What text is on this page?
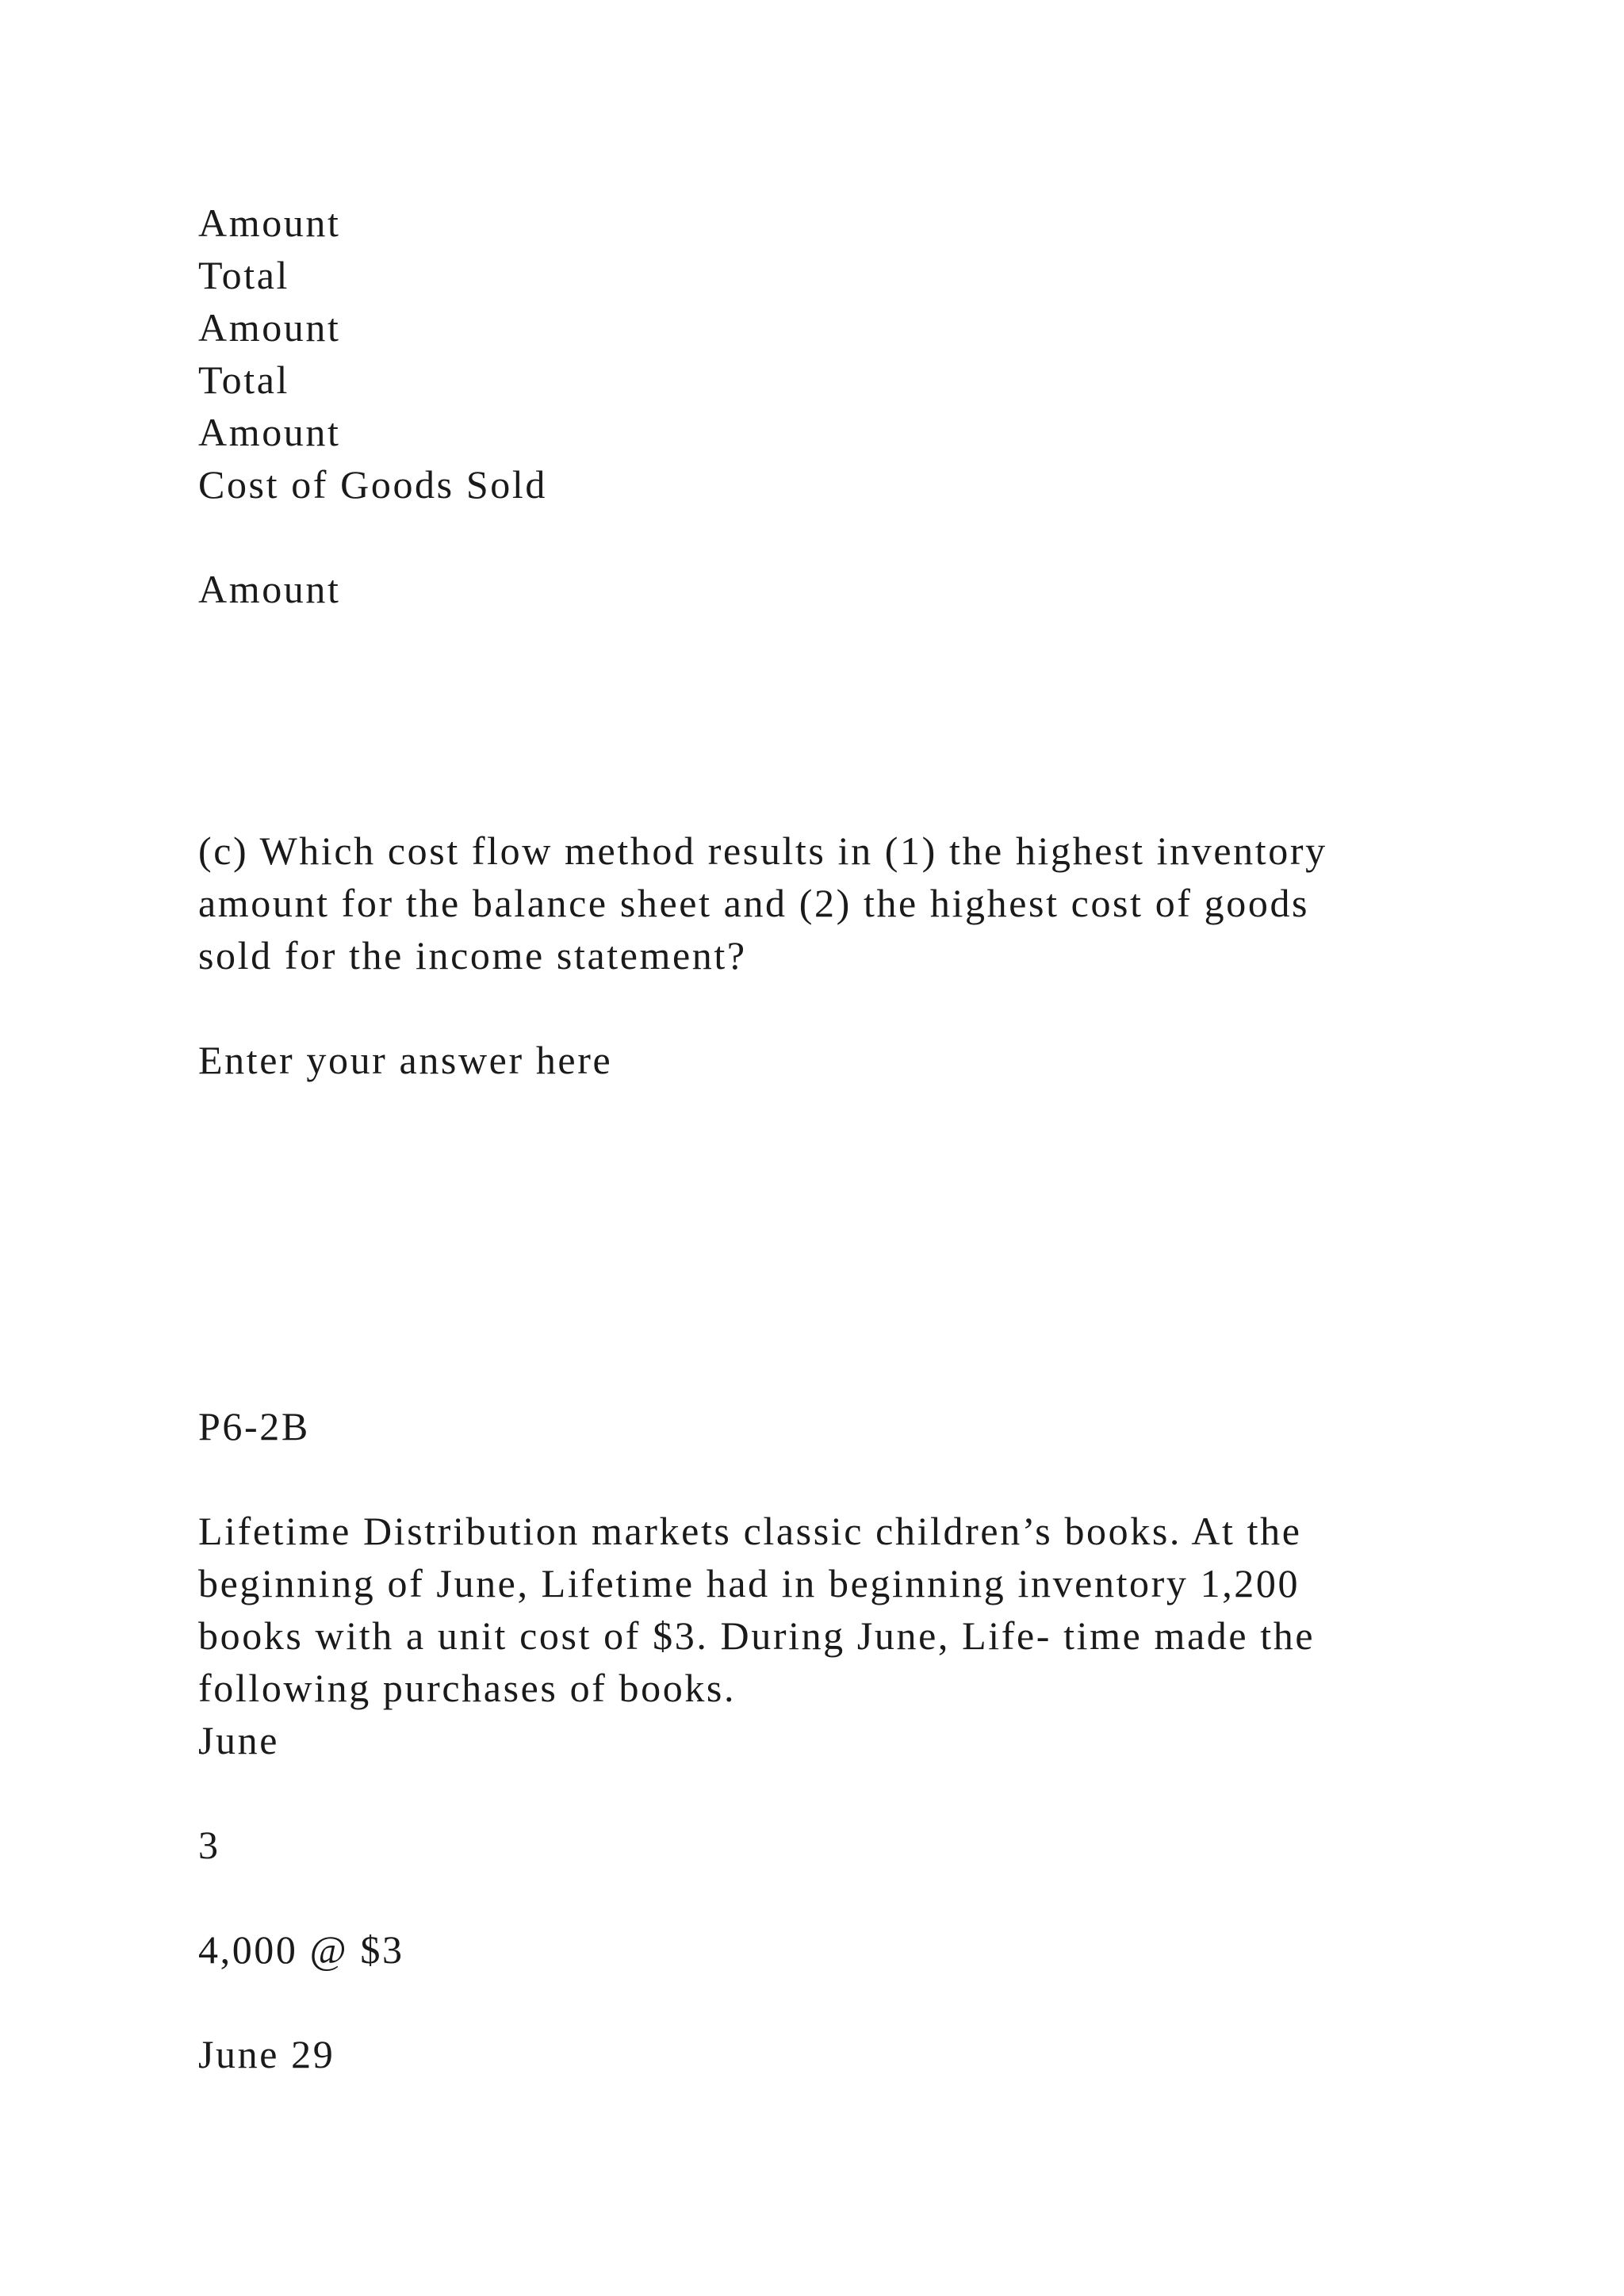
Amount

Total

Amount

Total

Amount

Cost of Goods Sold

Amount

(c) Which cost flow method results in (1) the highest inventory

amount for the balance sheet and (2) the highest cost of goods

sold for the income statement?

Enter your answer here

P6-2B

Lifetime Distribution markets classic children’s books. At the

beginning of June, Lifetime had in beginning inventory 1,200

books with a unit cost of $3. During June, Life- time made the

following purchases of books.

June

3

4,000 @ $3

June 29
